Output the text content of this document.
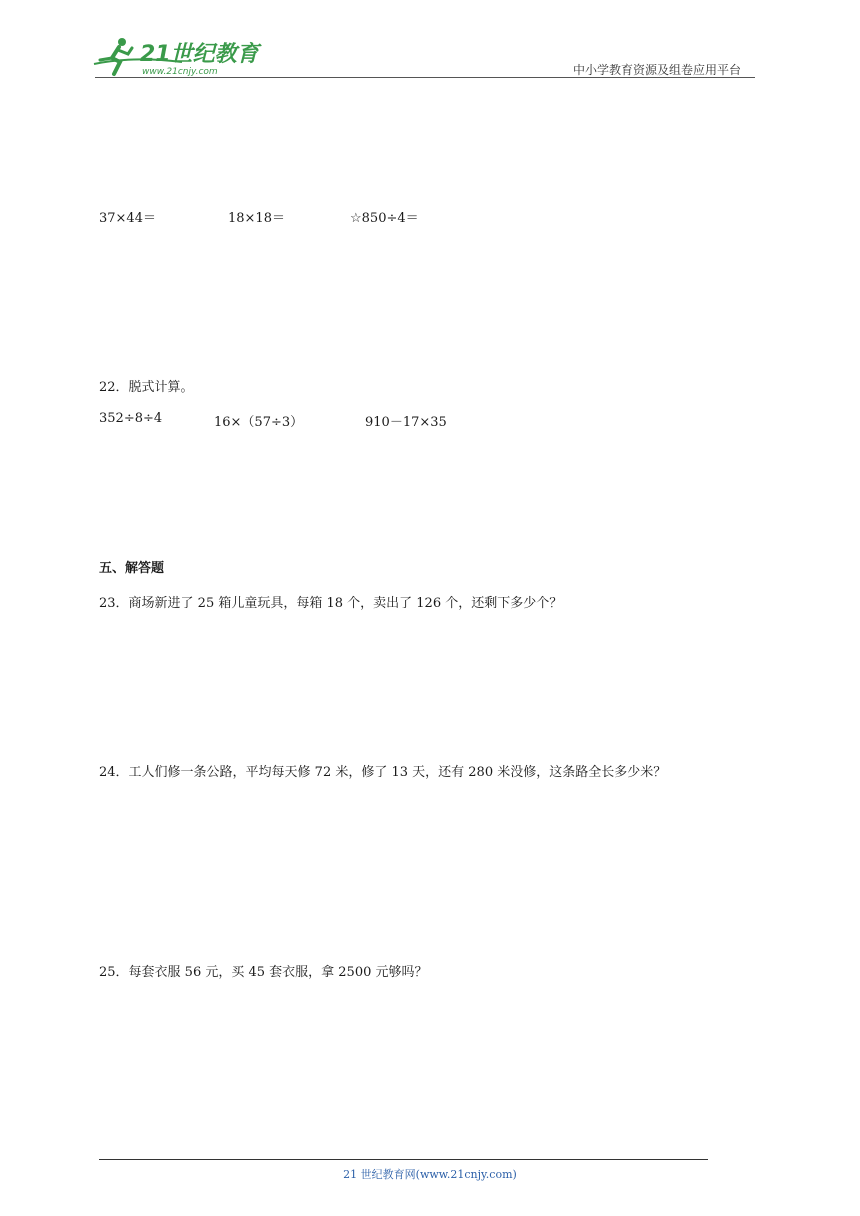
21世纪教育
www.21cnjy.com	中小学教育资源及组卷应用平台
37×44＝	18×18＝	☆850÷4＝
22．脱式计算。
352÷8÷4	16×（57÷3）	910－17×35
五、解答题
23．商场新进了 25 箱儿童玩具，每箱 18 个，卖出了 126 个，还剩下多少个？
24．工人们修一条公路，平均每天修 72 米，修了 13 天，还有 280 米没修，这条路全长多少米？
25．每套衣服 56 元，买 45 套衣服，拿 2500 元够吗？
21 世纪教育网(www.21cnjy.com)
